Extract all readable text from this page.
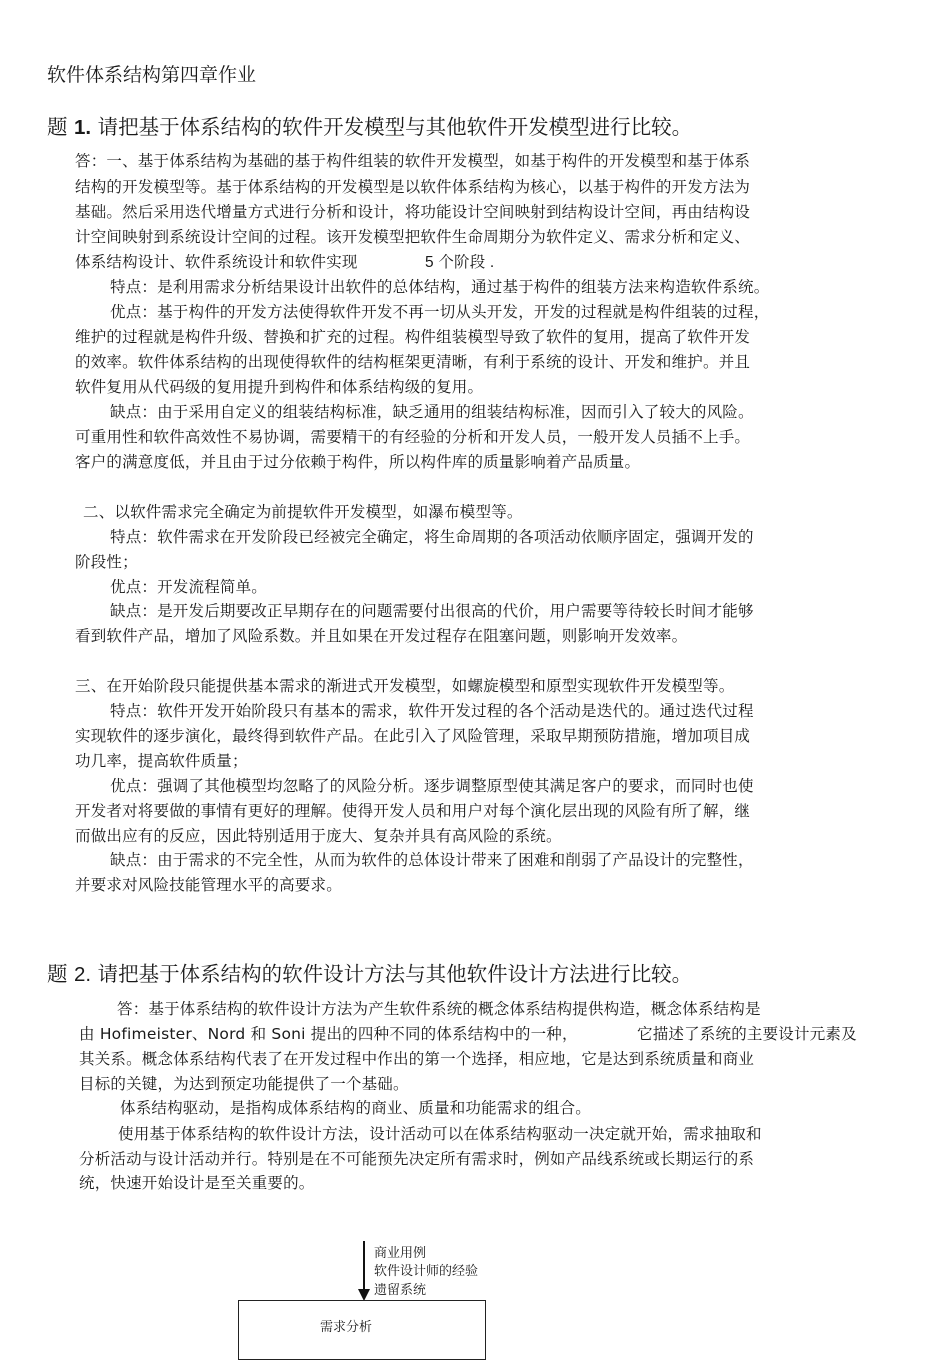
软件体系结构第四章作业
题 1. 请把基于体系结构的软件开发模型与其他软件开发模型进行比较。
答：一、基于体系结构为基础的基于构件组装的软件开发模型，如基于构件的开发模型和基于体系
结构的开发模型等。基于体系结构的开发模型是以软件体系结构为核心，以基于构件的开发方法为
基础。然后采用迭代增量方式进行分析和设计，将功能设计空间映射到结构设计空间，再由结构设
计空间映射到系统设计空间的过程。该开发模型把软件生命周期分为软件定义、需求分析和定义、
体系结构设计、软件系统设计和软件实现	5 个阶段 .
特点：是利用需求分析结果设计出软件的总体结构，通过基于构件的组装方法来构造软件系统。
优点：基于构件的开发方法使得软件开发不再一切从头开发，开发的过程就是构件组装的过程，
维护的过程就是构件升级、替换和扩充的过程。构件组装模型导致了软件的复用，提高了软件开发
的效率。软件体系结构的出现使得软件的结构框架更清晰，有利于系统的设计、开发和维护。并且
软件复用从代码级的复用提升到构件和体系结构级的复用。
缺点：由于采用自定义的组装结构标准，缺乏通用的组装结构标准，因而引入了较大的风险。
可重用性和软件高效性不易协调，需要精干的有经验的分析和开发人员，一般开发人员插不上手。
客户的满意度低，并且由于过分依赖于构件，所以构件库的质量影响着产品质量。
二、以软件需求完全确定为前提软件开发模型，如瀑布模型等。
特点：软件需求在开发阶段已经被完全确定，将生命周期的各项活动依顺序固定，强调开发的
阶段性；
优点：开发流程简单。
缺点：是开发后期要改正早期存在的问题需要付出很高的代价，用户需要等待较长时间才能够
看到软件产品，增加了风险系数。并且如果在开发过程存在阻塞问题，则影响开发效率。
三、在开始阶段只能提供基本需求的渐进式开发模型，如螺旋模型和原型实现软件开发模型等。
特点：软件开发开始阶段只有基本的需求，软件开发过程的各个活动是迭代的。通过迭代过程
实现软件的逐步演化，最终得到软件产品。在此引入了风险管理，采取早期预防措施，增加项目成
功几率，提高软件质量；
优点：强调了其他模型均忽略了的风险分析。逐步调整原型使其满足客户的要求，而同时也使
开发者对将要做的事情有更好的理解。使得开发人员和用户对每个演化层出现的风险有所了解，继
而做出应有的反应，因此特别适用于庞大、复杂并具有高风险的系统。
缺点：由于需求的不完全性，从而为软件的总体设计带来了困难和削弱了产品设计的完整性，
并要求对风险技能管理水平的高要求。
题 2. 请把基于体系结构的软件设计方法与其他软件设计方法进行比较。
答：基于体系结构的软件设计方法为产生软件系统的概念体系结构提供构造，概念体系结构是
由 Hofimeister、Nord 和 Soni 提出的四种不同的体系结构中的一种，	它描述了系统的主要设计元素及
其关系。概念体系结构代表了在开发过程中作出的第一个选择，相应地，它是达到系统质量和商业
目标的关键，为达到预定功能提供了一个基础。
体系结构驱动，是指构成体系结构的商业、质量和功能需求的组合。
使用基于体系结构的软件设计方法，设计活动可以在体系结构驱动一决定就开始，需求抽取和
分析活动与设计活动并行。特别是在不可能预先决定所有需求时，例如产品线系统或长期运行的系
统，快速开始设计是至关重要的。
商业用例
软件设计师的经验
遗留系统
需求分析
